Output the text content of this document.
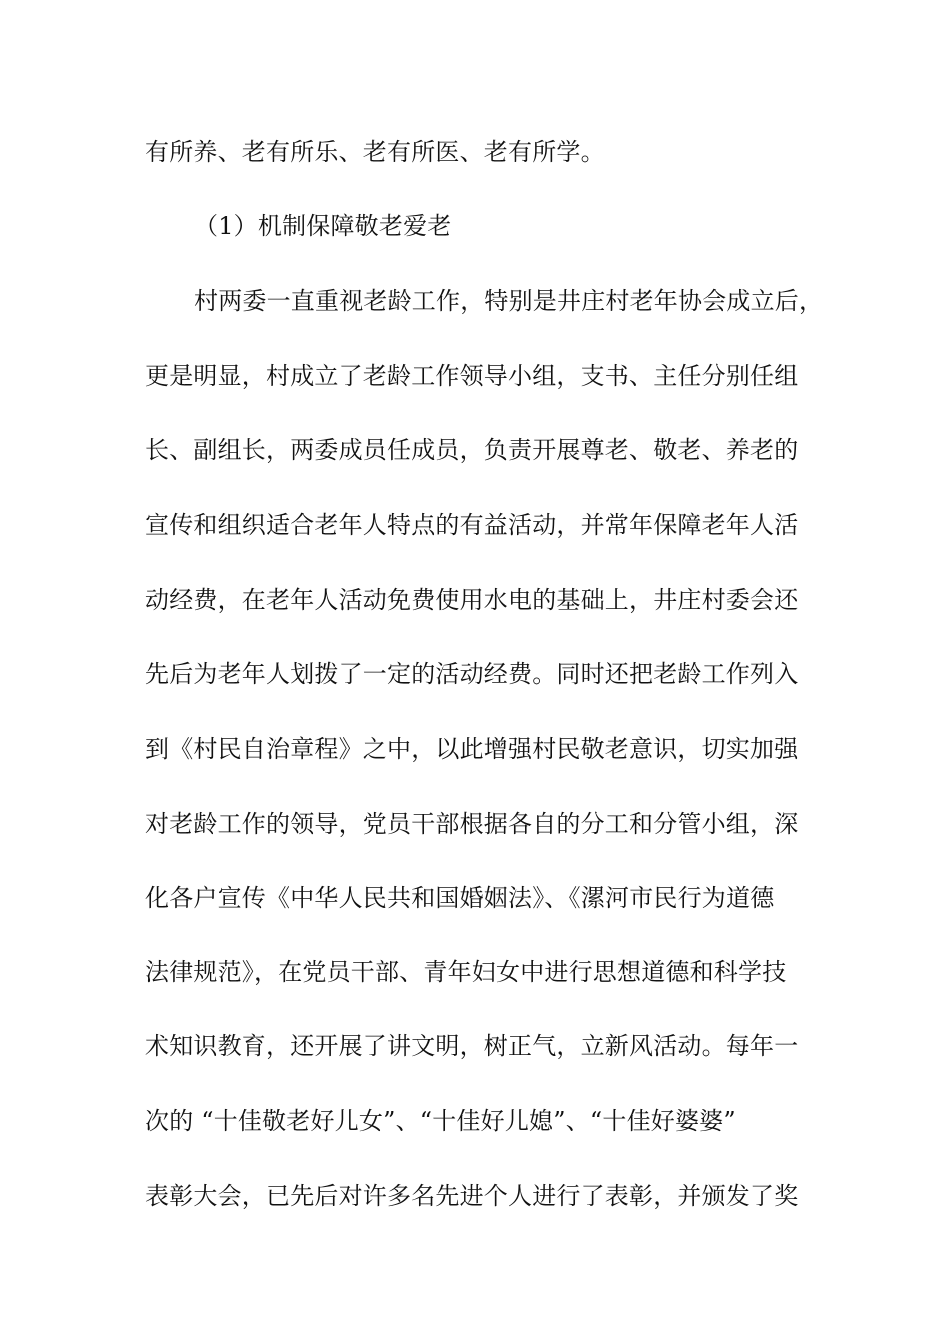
有所养、老有所乐、老有所医、老有所学。
（1）机制保障敬老爱老
村两委一直重视老龄工作，特别是井庄村老年协会成立后，
更是明显，村成立了老龄工作领导小组，支书、主任分别任组
长、副组长，两委成员任成员，负责开展尊老、敬老、养老的
宣传和组织适合老年人特点的有益活动，并常年保障老年人活
动经费，在老年人活动免费使用水电的基础上，井庄村委会还
先后为老年人划拨了一定的活动经费。同时还把老龄工作列入
到《村民自治章程》之中，以此增强村民敬老意识，切实加强
对老龄工作的领导，党员干部根据各自的分工和分管小组，深
化各户宣传《中华人民共和国婚姻法》、《漯河市民行为道德
法律规范》，在党员干部、青年妇女中进行思想道德和科学技
术知识教育，还开展了讲文明，树正气，立新风活动。每年一
次的 “十佳敬老好儿女”、“十佳好儿媳”、“十佳好婆婆”
表彰大会，已先后对许多名先进个人进行了表彰，并颁发了奖
